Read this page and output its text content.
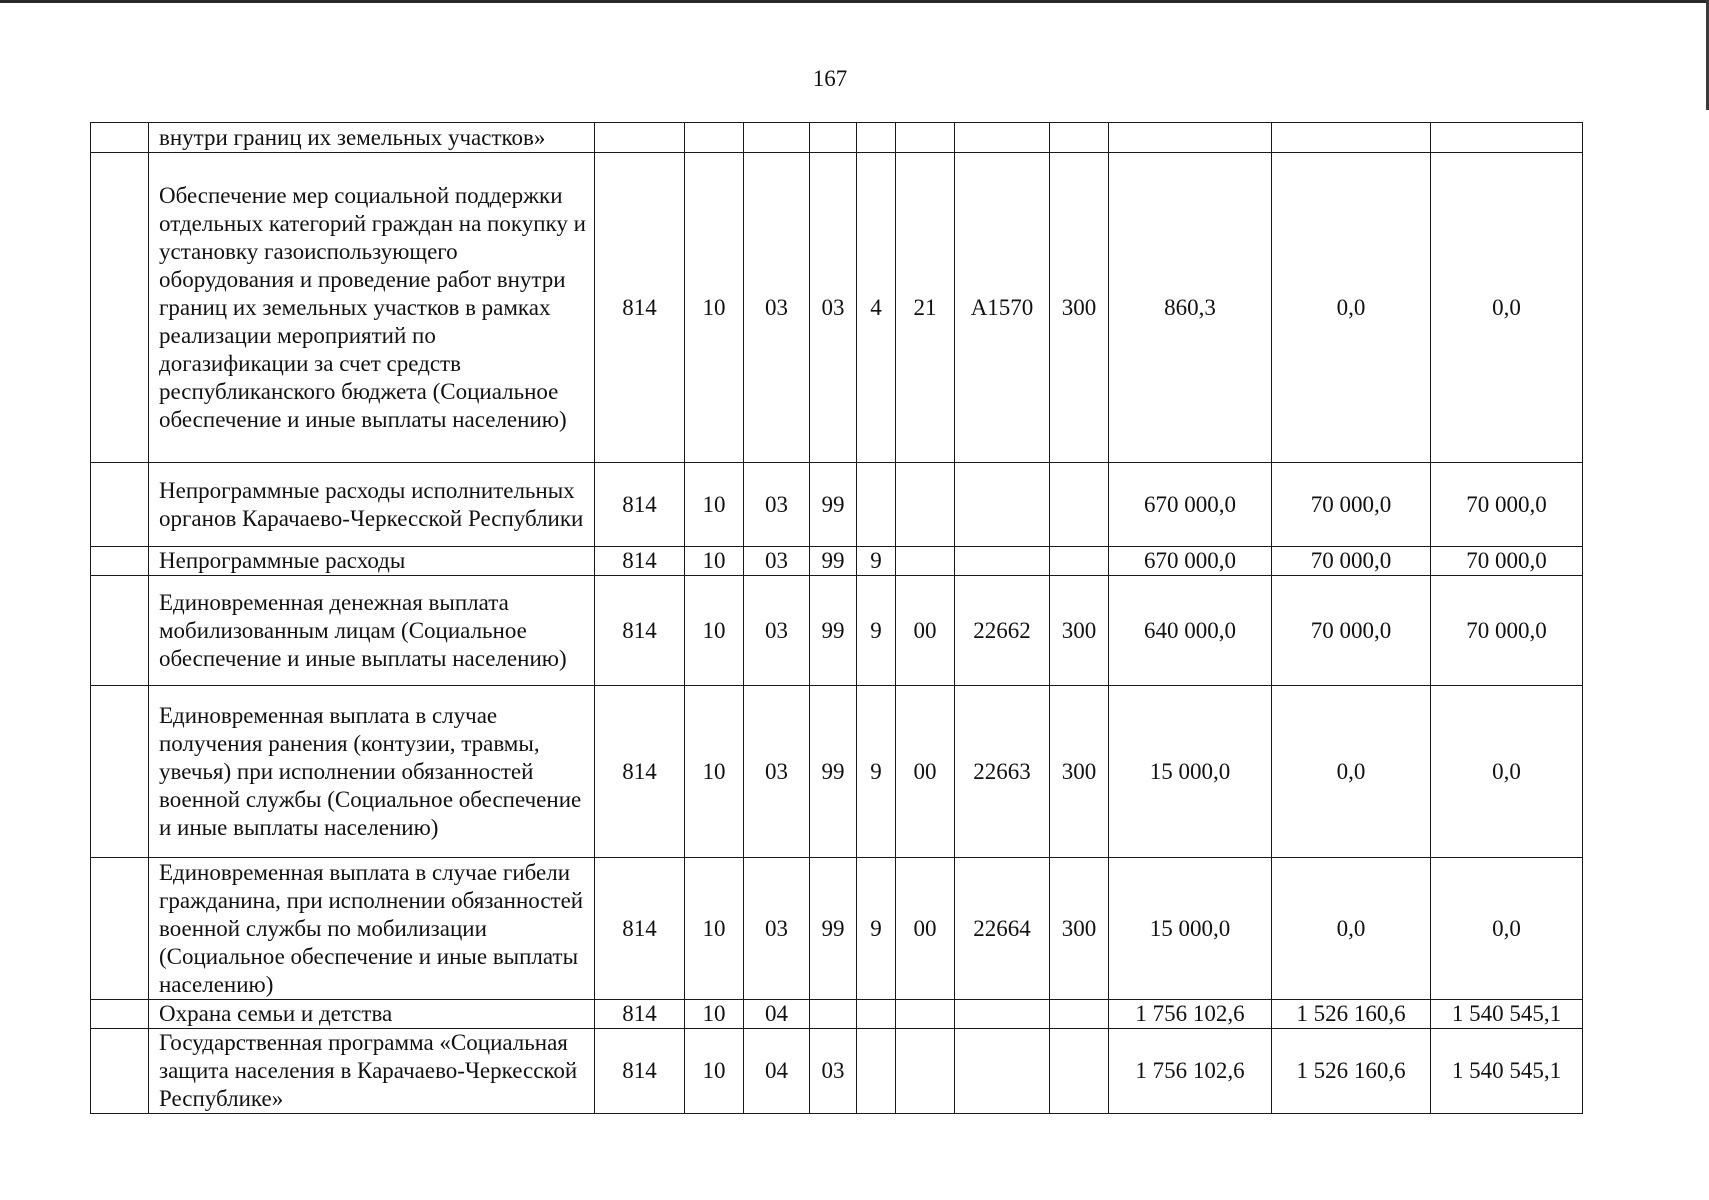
167
	внутри границ их земельных участков»											
	Обеспечение мер социальной поддержки отдельных категорий граждан на покупку и установку газоиспользующего оборудования и проведение работ внутри границ их земельных участков в рамках реализации мероприятий по догазификации за счет средств республиканского бюджета (Социальное обеспечение и иные выплаты населению)	814	10	03	03	4	21	А1570	300	860,3	0,0	0,0
	Непрограммные расходы исполнительных органов Карачаево-Черкесской Республики	814	10	03	99					670 000,0	70 000,0	70 000,0
	Непрограммные расходы	814	10	03	99	9				670 000,0	70 000,0	70 000,0
	Единовременная денежная выплата мобилизованным лицам (Социальное обеспечение и иные выплаты населению)	814	10	03	99	9	00	22662	300	640 000,0	70 000,0	70 000,0
	Единовременная выплата в случае получения ранения (контузии, травмы, увечья) при исполнении обязанностей военной службы (Социальное обеспечение и иные выплаты населению)	814	10	03	99	9	00	22663	300	15 000,0	0,0	0,0
	Единовременная выплата в случае гибели гражданина, при исполнении обязанностей военной службы по мобилизации (Социальное обеспечение и иные выплаты населению)	814	10	03	99	9	00	22664	300	15 000,0	0,0	0,0
	Охрана семьи и детства	814	10	04						1 756 102,6	1 526 160,6	1 540 545,1
	Государственная программа «Социальная защита населения в Карачаево-Черкесской Республике»	814	10	04	03					1 756 102,6	1 526 160,6	1 540 545,1
